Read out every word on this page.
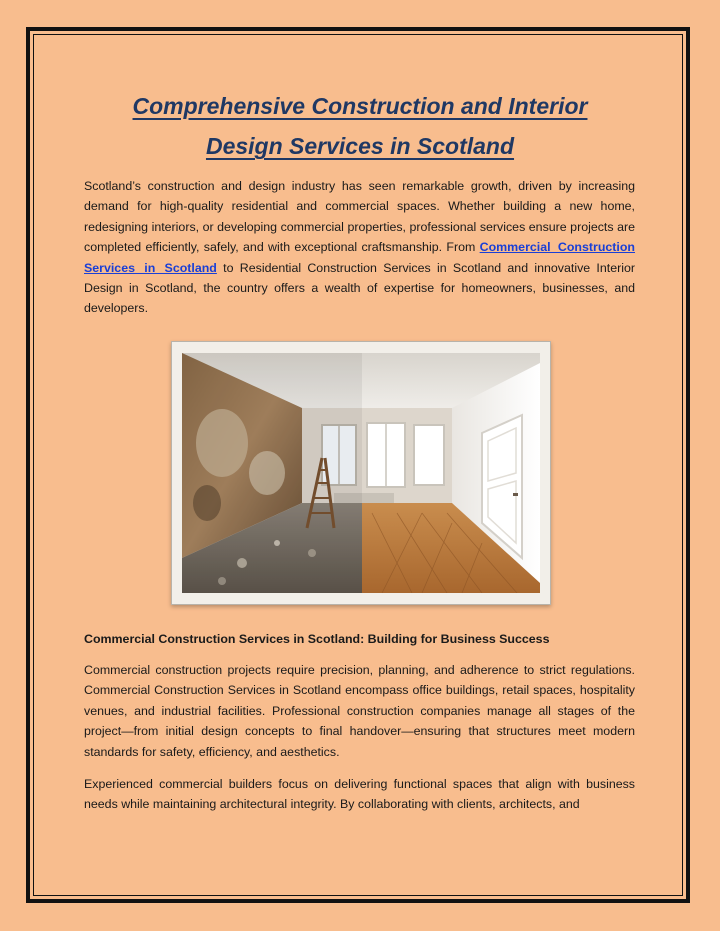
Comprehensive Construction and Interior
Design Services in Scotland

Scotland’s construction and design industry has seen remarkable growth, driven by increasing demand for high-quality residential and commercial spaces. Whether building a new home, redesigning interiors, or developing commercial properties, professional services ensure projects are completed efficiently, safely, and with exceptional craftsmanship. From Commercial Construction Services in Scotland to Residential Construction Services in Scotland and innovative Interior Design in Scotland, the country offers a wealth of expertise for homeowners, businesses, and developers.

Commercial Construction Services in Scotland: Building for Business Success

Commercial construction projects require precision, planning, and adherence to strict regulations. Commercial Construction Services in Scotland encompass office buildings, retail spaces, hospitality venues, and industrial facilities. Professional construction companies manage all stages of the project—from initial design concepts to final handover—ensuring that structures meet modern standards for safety, efficiency, and aesthetics.

Experienced commercial builders focus on delivering functional spaces that align with business needs while maintaining architectural integrity. By collaborating with clients, architects, and
